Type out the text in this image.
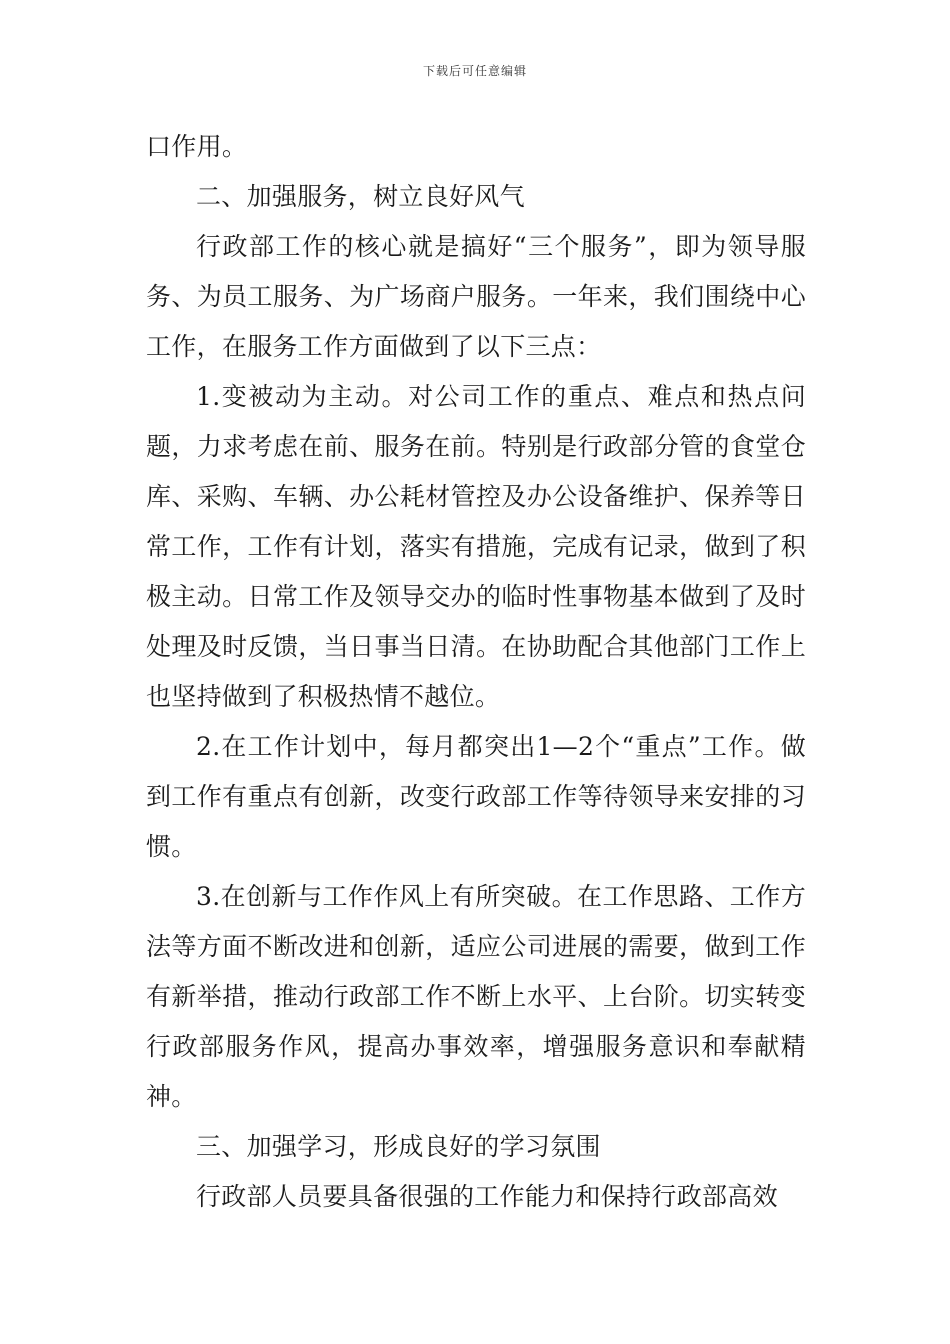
下载后可任意编辑

口作用。

二、加强服务，树立良好风气

行政部工作的核心就是搞好“三个服务”，即为领导服务、为员工服务、为广场商户服务。一年来，我们围绕中心工作，在服务工作方面做到了以下三点：

1.变被动为主动。对公司工作的重点、难点和热点问题，力求考虑在前、服务在前。特别是行政部分管的食堂仓库、采购、车辆、办公耗材管控及办公设备维护、保养等日常工作，工作有计划，落实有措施，完成有记录，做到了积极主动。日常工作及领导交办的临时性事物基本做到了及时处理及时反馈，当日事当日清。在协助配合其他部门工作上也坚持做到了积极热情不越位。

2.在工作计划中，每月都突出1—2个“重点”工作。做到工作有重点有创新，改变行政部工作等待领导来安排的习惯。

3.在创新与工作作风上有所突破。在工作思路、工作方法等方面不断改进和创新，适应公司进展的需要，做到工作有新举措，推动行政部工作不断上水平、上台阶。切实转变行政部服务作风，提高办事效率，增强服务意识和奉献精神。

三、加强学习，形成良好的学习氛围

行政部人员要具备很强的工作能力和保持行政部高效
